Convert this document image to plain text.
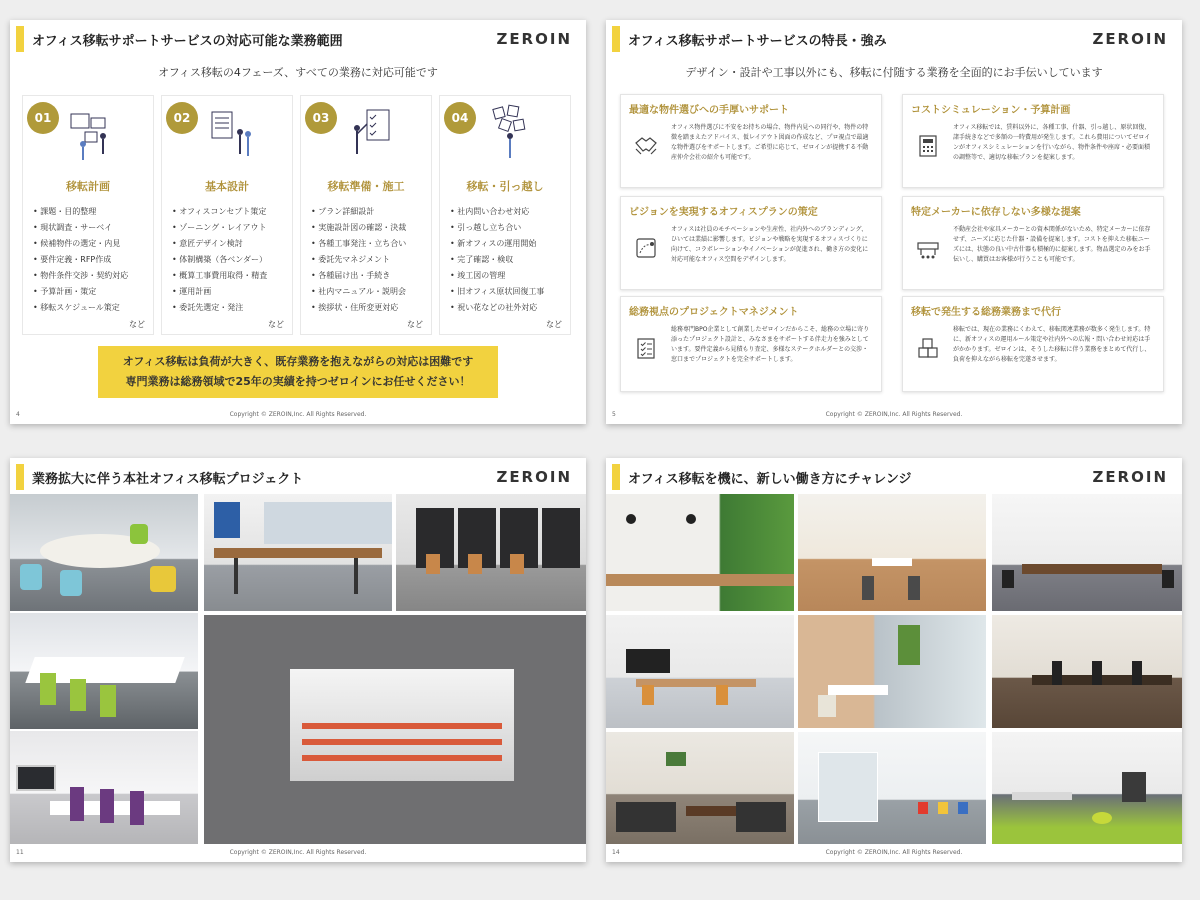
オフィス移転サポートサービスの対応可能な業務範囲	ZEROIN
オフィス移転の4フェーズ、すべての業務に対応可能です
01
移転計画
• 課題・目的整理
• 現状調査・サーベイ
• 候補物件の選定・内見
• 要件定義・RFP作成
• 物件条件交渉・契約対応
• 予算計画・策定
• 移転スケジュール策定
など
02
基本設計
• オフィスコンセプト策定
• ゾーニング・レイアウト
• 意匠デザイン検討
• 体制構築（各ベンダー）
• 概算工事費用取得・精査
• 運用計画
• 委託先選定・発注
など
03
移転準備・施工
• プラン詳細設計
• 実施設計図の確認・決裁
• 各種工事発注・立ち合い
• 委託先マネジメント
• 各種届け出・手続き
• 社内マニュアル・説明会
• 挨拶状・住所変更対応
など
04
移転・引っ越し
• 社内問い合わせ対応
• 引っ越し立ち合い
• 新オフィスの運用開始
• 完了確認・検収
• 竣工図の管理
• 旧オフィス原状回復工事
• 祝い花などの社外対応
など
オフィス移転は負荷が大きく、既存業務を抱えながらの対応は困難です
専門業務は総務領域で25年の実績を持つゼロインにお任せください！
4	Copyright © ZEROIN,Inc. All Rights Reserved.
オフィス移転サポートサービスの特長・強み	ZEROIN
デザイン・設計や工事以外にも、移転に付随する業務を全面的にお手伝いしています
最適な物件選びへの手厚いサポート
オフィス物件選びに不安をお持ちの場合、物件内見への同行や、物件の特徴を踏まえたアドバイス、仮レイアウト図面の作成など、プロ視点で最適な物件選びをサポートします。ご希望に応じて、ゼロインが提携する不動産仲介会社の紹介も可能です。
コストシミュレーション・予算計画
オフィス移転では、賃料以外に、各種工事、什器、引っ越し、原状回復、諸手続きなどで多額の一時費用が発生します。これら費用についてゼロインがオフィスシミュレーションを行いながら、物件条件や座席・必要面積の調整等で、適切な移転プランを提案します。
ビジョンを実現するオフィスプランの策定
オフィスは社員のモチベーションや生産性、社内外へのブランディング、ひいては業績に影響します。ビジョンや戦略を実現するオフィスづくりに向けて、コラボレーションやイノベーションが促進され、働き方の変化に対応可能なオフィス空間をデザインします。
特定メーカーに依存しない多様な提案
不動産会社や家具メーカーとの資本関係がないため、特定メーカーに依存せず、ニーズに応じた什器・設備を提案します。コストを抑えた移転ニーズには、状態の良い中古什器も積極的に提案します。物品選定のみをお手伝いし、購買はお客様が行うことも可能です。
総務視点のプロジェクトマネジメント
総務専門BPO企業として創業したゼロインだからこそ、総務の立場に寄り添ったプロジェクト設計と、みなさまをサポートする伴走力を強みとしています。要件定義から見積もり査定、多様なステークホルダーとの交渉・窓口までプロジェクトを完全サポートします。
移転で発生する総務業務まで代行
移転では、現在の業務にくわえて、移転関連業務が数多く発生します。特に、新オフィスの運用ルール策定や社内外への広報・問い合わせ対応は手がかかります。ゼロインは、そうした移転に伴う業務をまとめて代行し、負荷を抑えながら移転を完遂させます。
5	Copyright © ZEROIN,Inc. All Rights Reserved.
業務拡大に伴う本社オフィス移転プロジェクト	ZEROIN
11	Copyright © ZEROIN,Inc. All Rights Reserved.
オフィス移転を機に、新しい働き方にチャレンジ	ZEROIN
14	Copyright © ZEROIN,Inc. All Rights Reserved.
